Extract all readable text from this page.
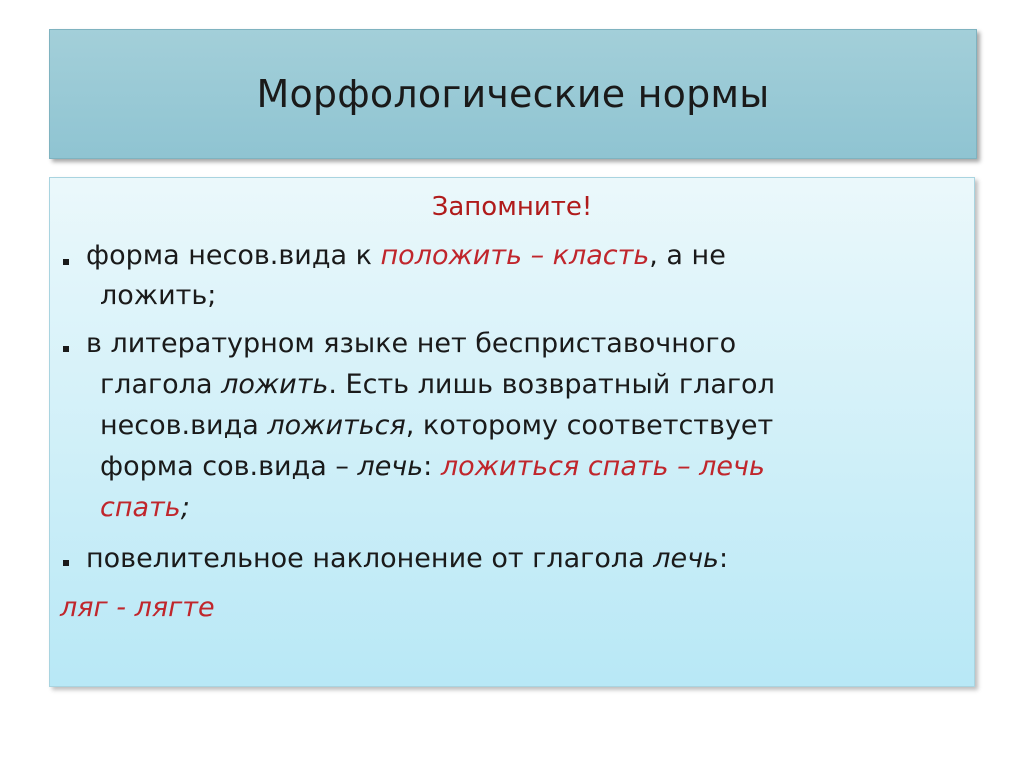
Морфологические нормы
Запомните!
форма несов.вида к положить – класть, а не
ложить;
в литературном языке нет бесприставочного
глагола ложить. Есть лишь возвратный глагол
несов.вида ложиться, которому соответствует
форма сов.вида – лечь: ложиться спать – лечь
спать;
повелительное наклонение от глагола лечь:
ляг - лягте
